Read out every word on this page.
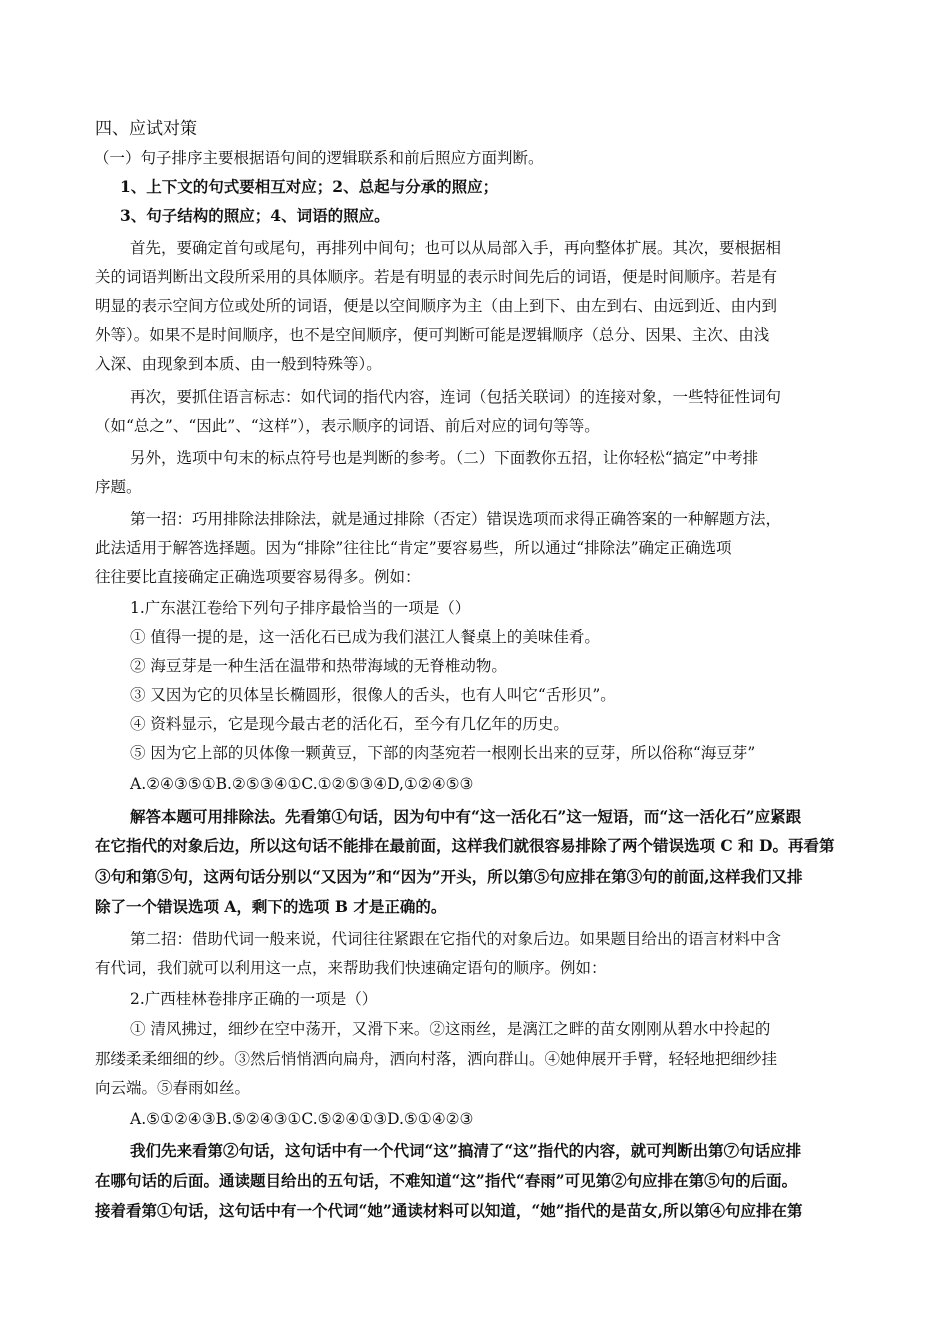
四、应试对策
（一）句子排序主要根据语句间的逻辑联系和前后照应方面判断。
1、上下文的句式要相互对应；2、总起与分承的照应；
3、句子结构的照应；4、词语的照应。
首先，要确定首句或尾句，再排列中间句；也可以从局部入手，再向整体扩展。其次，要根据相
关的词语判断出文段所采用的具体顺序。若是有明显的表示时间先后的词语，便是时间顺序。若是有
明显的表示空间方位或处所的词语，便是以空间顺序为主（由上到下、由左到右、由远到近、由内到
外等）。如果不是时间顺序，也不是空间顺序，便可判断可能是逻辑顺序（总分、因果、主次、由浅
入深、由现象到本质、由一般到特殊等）。
再次，要抓住语言标志：如代词的指代内容，连词（包括关联词）的连接对象，一些特征性词句
（如“总之”、“因此”、“这样”），表示顺序的词语、前后对应的词句等等。
另外，选项中句末的标点符号也是判断的参考。（二）下面教你五招，让你轻松“搞定”中考排
序题。
第一招：巧用排除法排除法，就是通过排除（否定）错误选项而求得正确答案的一种解题方法，
此法适用于解答选择题。因为“排除”往往比“肯定”要容易些，所以通过“排除法”确定正确选项
往往要比直接确定正确选项要容易得多。例如：
1.广东湛江卷给下列句子排序最恰当的一项是（）
① 值得一提的是，这一活化石已成为我们湛江人餐桌上的美味佳肴。
② 海豆芽是一种生活在温带和热带海域的无脊椎动物。
③ 又因为它的贝体呈长椭圆形，很像人的舌头，也有人叫它“舌形贝”。
④ 资料显示，它是现今最古老的活化石，至今有几亿年的历史。
⑤ 因为它上部的贝体像一颗黄豆，下部的肉茎宛若一根刚长出来的豆芽，所以俗称“海豆芽”
A.②④③⑤①B.②⑤③④①C.①②⑤③④D,①②④⑤③
解答本题可用排除法。先看第①句话，因为句中有“这一活化石”这一短语，而“这一活化石”应紧跟
在它指代的对象后边，所以这句话不能排在最前面，这样我们就很容易排除了两个错误选项 C 和 D。再看第
③句和第⑤句，这两句话分别以“又因为”和“因为”开头，所以第⑤句应排在第③句的前面,这样我们又排
除了一个错误选项 A，剩下的选项 B 才是正确的。
第二招：借助代词一般来说，代词往往紧跟在它指代的对象后边。如果题目给出的语言材料中含
有代词，我们就可以利用这一点，来帮助我们快速确定语句的顺序。例如：
2.广西桂林卷排序正确的一项是（）
① 清风拂过，细纱在空中荡开，又滑下来。②这雨丝，是漓江之畔的苗女刚刚从碧水中拎起的
那缕柔柔细细的纱。③然后悄悄洒向扁舟，洒向村落，洒向群山。④她伸展开手臂，轻轻地把细纱挂
向云端。⑤春雨如丝。
A.⑤①②④③B.⑤②④③①C.⑤②④①③D.⑤①④②③
我们先来看第②句话，这句话中有一个代词“这”搞清了“这”指代的内容，就可判断出第⑦句话应排
在哪句话的后面。通读题目给出的五句话，不难知道“这”指代“春雨”可见第②句应排在第⑤句的后面。
接着看第①句话，这句话中有一个代词“她”通读材料可以知道，“她”指代的是苗女,所以第④句应排在第
